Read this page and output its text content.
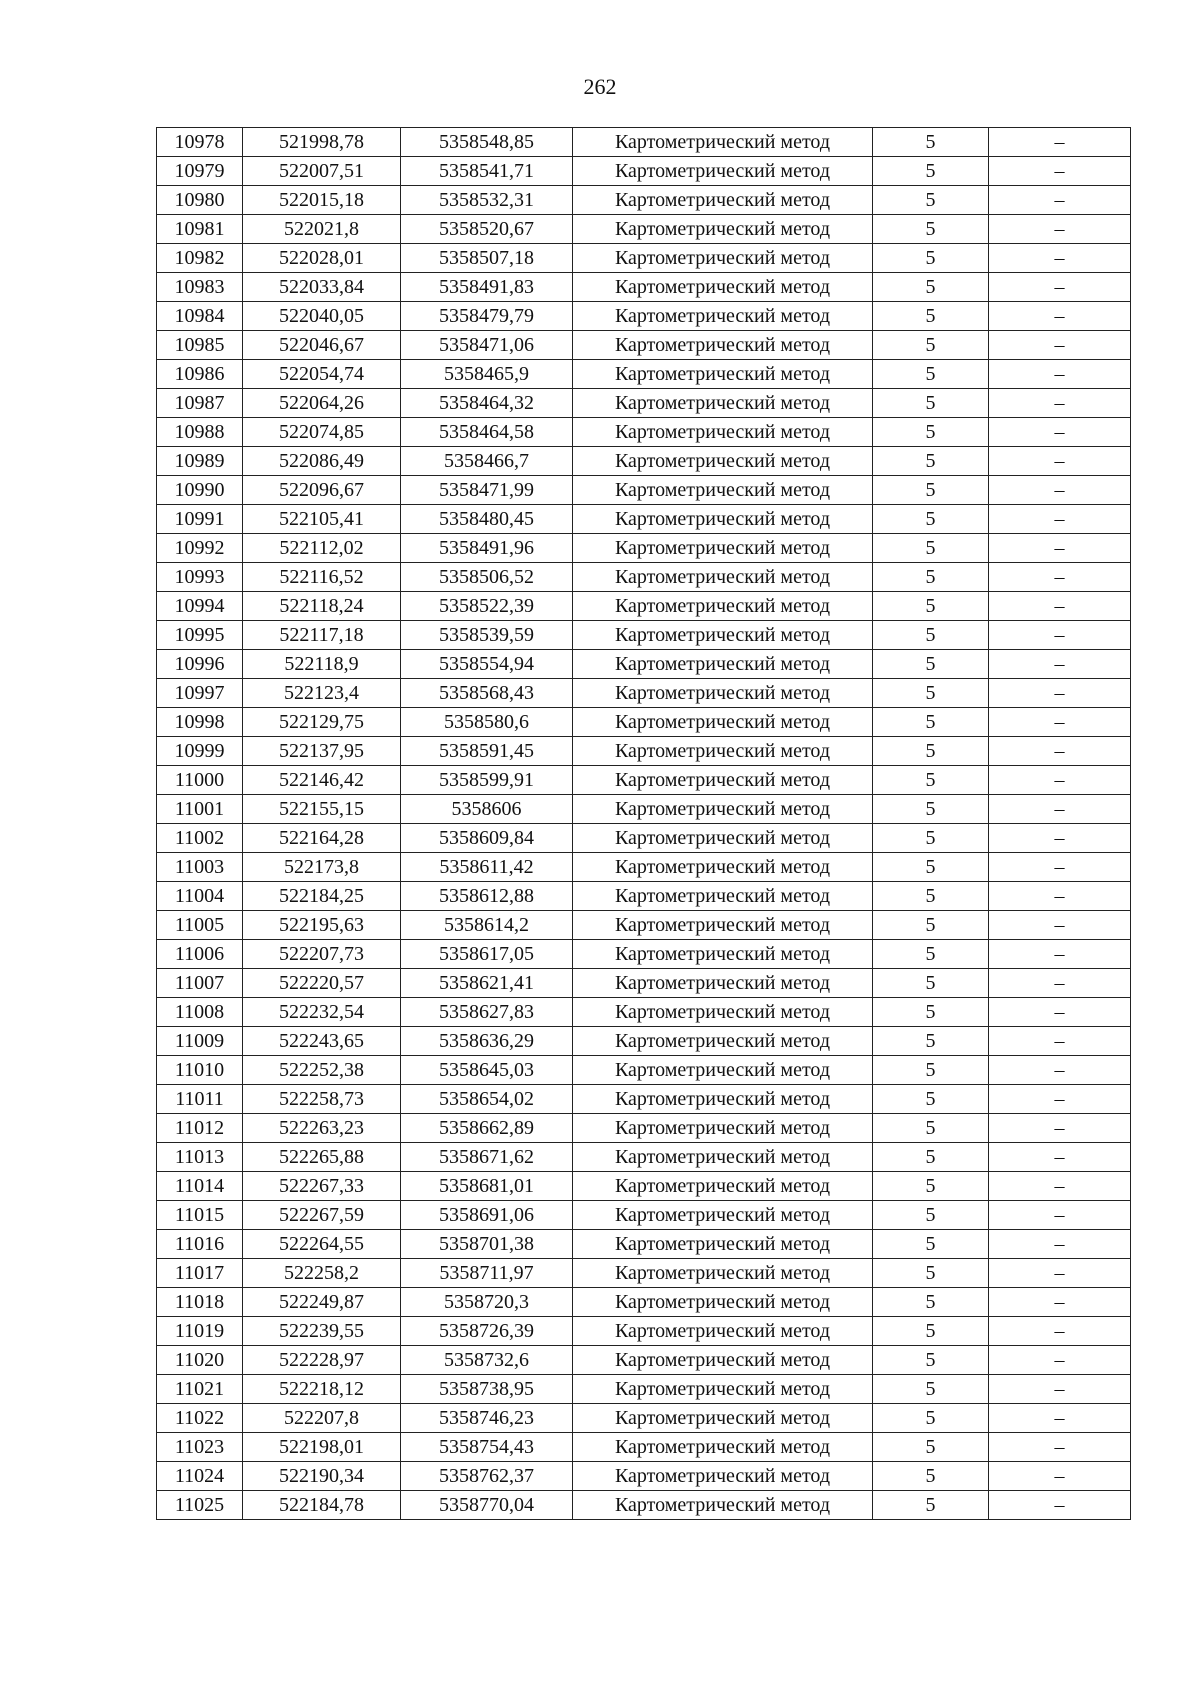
262
10978	521998,78	5358548,85	Картометрический метод	5	–
10979	522007,51	5358541,71	Картометрический метод	5	–
10980	522015,18	5358532,31	Картометрический метод	5	–
10981	522021,8	5358520,67	Картометрический метод	5	–
10982	522028,01	5358507,18	Картометрический метод	5	–
10983	522033,84	5358491,83	Картометрический метод	5	–
10984	522040,05	5358479,79	Картометрический метод	5	–
10985	522046,67	5358471,06	Картометрический метод	5	–
10986	522054,74	5358465,9	Картометрический метод	5	–
10987	522064,26	5358464,32	Картометрический метод	5	–
10988	522074,85	5358464,58	Картометрический метод	5	–
10989	522086,49	5358466,7	Картометрический метод	5	–
10990	522096,67	5358471,99	Картометрический метод	5	–
10991	522105,41	5358480,45	Картометрический метод	5	–
10992	522112,02	5358491,96	Картометрический метод	5	–
10993	522116,52	5358506,52	Картометрический метод	5	–
10994	522118,24	5358522,39	Картометрический метод	5	–
10995	522117,18	5358539,59	Картометрический метод	5	–
10996	522118,9	5358554,94	Картометрический метод	5	–
10997	522123,4	5358568,43	Картометрический метод	5	–
10998	522129,75	5358580,6	Картометрический метод	5	–
10999	522137,95	5358591,45	Картометрический метод	5	–
11000	522146,42	5358599,91	Картометрический метод	5	–
11001	522155,15	5358606	Картометрический метод	5	–
11002	522164,28	5358609,84	Картометрический метод	5	–
11003	522173,8	5358611,42	Картометрический метод	5	–
11004	522184,25	5358612,88	Картометрический метод	5	–
11005	522195,63	5358614,2	Картометрический метод	5	–
11006	522207,73	5358617,05	Картометрический метод	5	–
11007	522220,57	5358621,41	Картометрический метод	5	–
11008	522232,54	5358627,83	Картометрический метод	5	–
11009	522243,65	5358636,29	Картометрический метод	5	–
11010	522252,38	5358645,03	Картометрический метод	5	–
11011	522258,73	5358654,02	Картометрический метод	5	–
11012	522263,23	5358662,89	Картометрический метод	5	–
11013	522265,88	5358671,62	Картометрический метод	5	–
11014	522267,33	5358681,01	Картометрический метод	5	–
11015	522267,59	5358691,06	Картометрический метод	5	–
11016	522264,55	5358701,38	Картометрический метод	5	–
11017	522258,2	5358711,97	Картометрический метод	5	–
11018	522249,87	5358720,3	Картометрический метод	5	–
11019	522239,55	5358726,39	Картометрический метод	5	–
11020	522228,97	5358732,6	Картометрический метод	5	–
11021	522218,12	5358738,95	Картометрический метод	5	–
11022	522207,8	5358746,23	Картометрический метод	5	–
11023	522198,01	5358754,43	Картометрический метод	5	–
11024	522190,34	5358762,37	Картометрический метод	5	–
11025	522184,78	5358770,04	Картометрический метод	5	–
